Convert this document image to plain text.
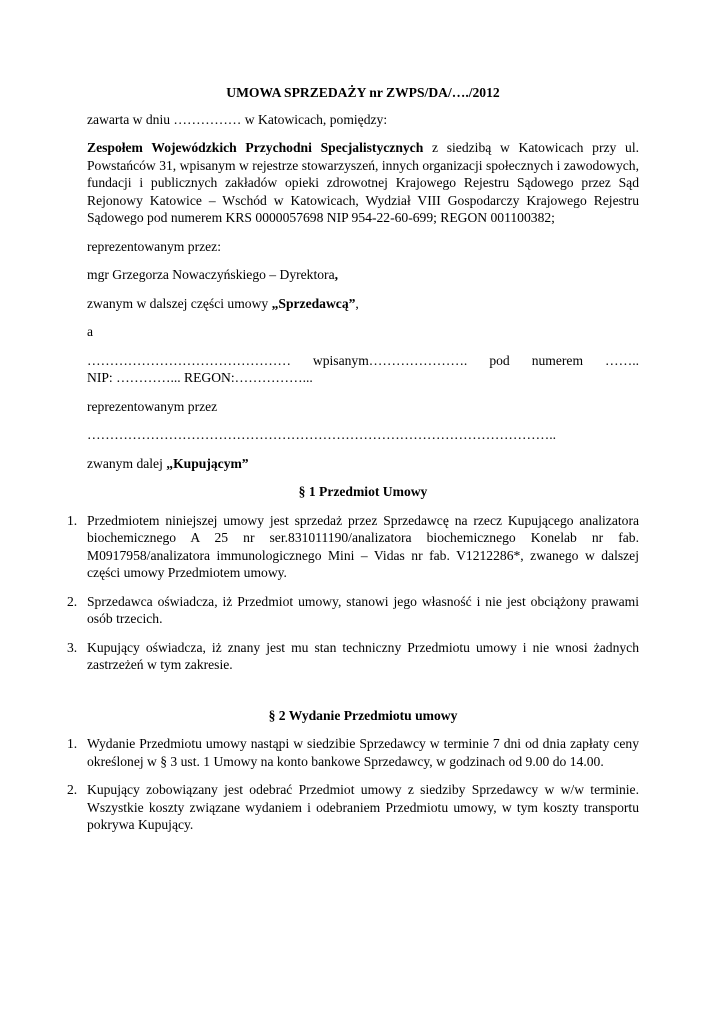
UMOWA SPRZEDAŻY nr ZWPS/DA/…./2012

zawarta w dniu …………… w Katowicach, pomiędzy:

Zespołem Wojewódzkich Przychodni Specjalistycznych z siedzibą w Katowicach przy ul. Powstańców 31, wpisanym w rejestrze stowarzyszeń, innych organizacji społecznych i zawodowych, fundacji i publicznych zakładów opieki zdrowotnej Krajowego Rejestru Sądowego przez Sąd Rejonowy Katowice – Wschód w Katowicach, Wydział VIII Gospodarczy Krajowego Rejestru Sądowego pod numerem KRS 0000057698 NIP 954-22-60-699; REGON 001100382;

reprezentowanym przez:

mgr Grzegorza Nowaczyńskiego – Dyrektora,

zwanym w dalszej części umowy „Sprzedawcą”,

a

……………………………………… wpisanym…………………. pod numerem ……..

NIP: …………... REGON:……………...

reprezentowanym przez

…………………………………………………………………………………………..

zwanym dalej „Kupującym”

§ 1 Przedmiot Umowy
1. Przedmiotem niniejszej umowy jest sprzedaż przez Sprzedawcę na rzecz Kupującego analizatora biochemicznego A 25 nr ser.831011190/analizatora biochemicznego Konelab nr fab. M0917958/analizatora immunologicznego Mini – Vidas nr fab. V1212286*, zwanego w dalszej części umowy Przedmiotem umowy.
2. Sprzedawca oświadcza, iż Przedmiot umowy, stanowi jego własność i nie jest obciążony prawami osób trzecich.
3. Kupujący oświadcza, iż znany jest mu stan techniczny Przedmiotu umowy i nie wnosi żadnych zastrzeżeń w tym zakresie.
§ 2 Wydanie Przedmiotu umowy
1. Wydanie Przedmiotu umowy nastąpi w siedzibie Sprzedawcy w terminie 7 dni od dnia zapłaty ceny określonej w § 3 ust. 1 Umowy na konto bankowe Sprzedawcy, w godzinach od 9.00 do 14.00.
2. Kupujący zobowiązany jest odebrać Przedmiot umowy z siedziby Sprzedawcy w w/w terminie. Wszystkie koszty związane wydaniem i odebraniem Przedmiotu umowy, w tym koszty transportu pokrywa Kupujący.
